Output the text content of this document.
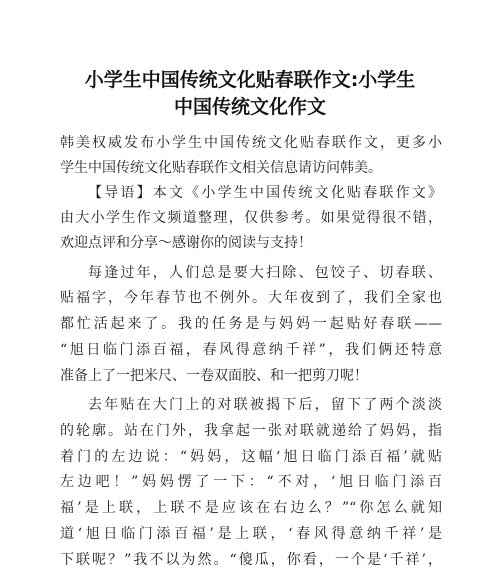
小学生中国传统文化贴春联作文:小学生
中国传统文化作文
韩美权威发布小学生中国传统文化贴春联作文，更多小
学生中国传统文化贴春联作文相关信息请访问韩美。
【导语】本文《小学生中国传统文化贴春联作文》
由大小学生作文频道整理，仅供参考。如果觉得很不错，
欢迎点评和分享～感谢你的阅读与支持！
每逢过年，人们总是要大扫除、包饺子、切春联、
贴福字，今年春节也不例外。大年夜到了，我们全家也
都忙活起来了。我的任务是与妈妈一起贴好春联——
“旭日临门添百福，春风得意纳千祥”，我们俩还特意
准备上了一把米尺、一卷双面胶、和一把剪刀呢！
去年贴在大门上的对联被揭下后，留下了两个淡淡
的轮廓。站在门外，我拿起一张对联就递给了妈妈，指
着门的左边说：“妈妈，这幅‘旭日临门添百福’就贴
左边吧！”妈妈愣了一下：“不对，‘旭日临门添百
福’是上联，上联不是应该在右边么？”“你怎么就知
道‘旭日临门添百福’是上联，‘春风得意纳千祥’是
下联呢？”我不以为然。“傻瓜，你看，一个是‘千祥’，
